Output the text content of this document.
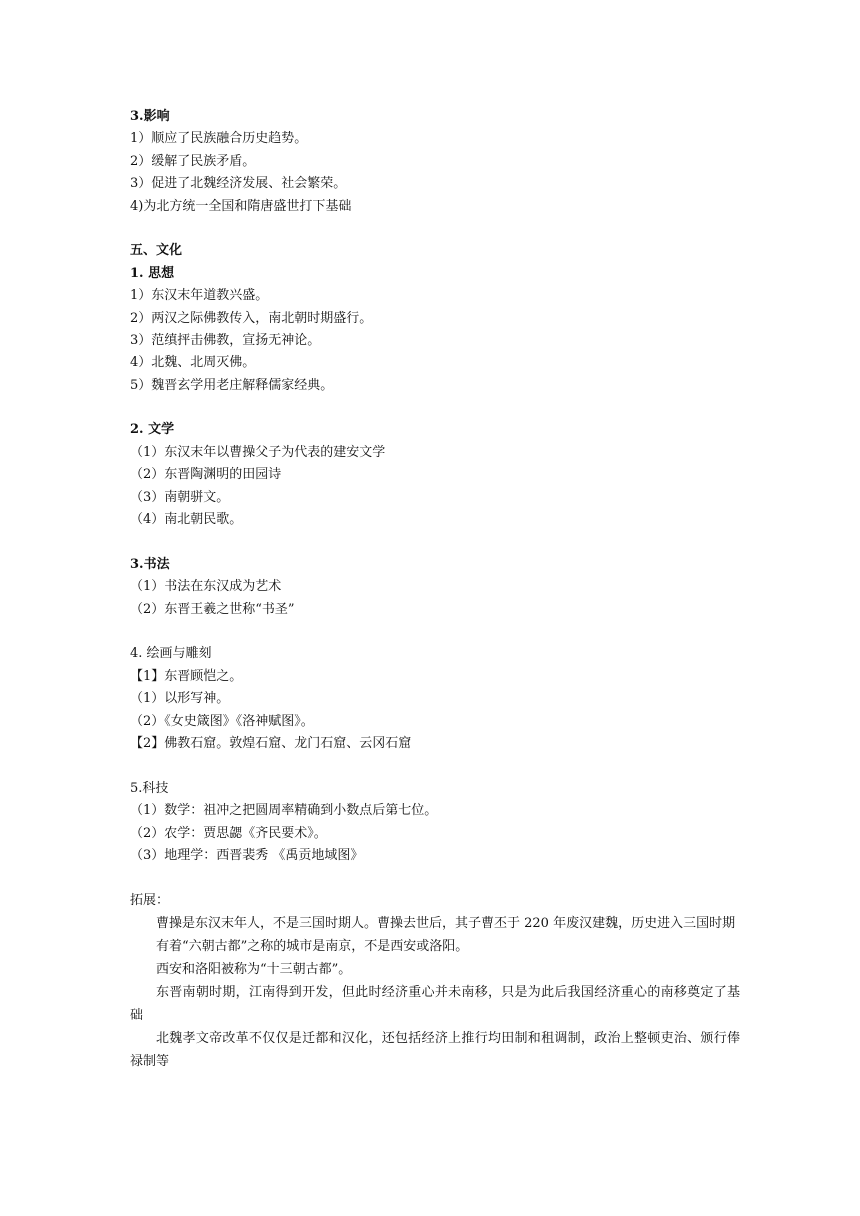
3.影响
1）顺应了民族融合历史趋势。
2）缓解了民族矛盾。
3）促进了北魏经济发展、社会繁荣。
4)为北方统一全国和隋唐盛世打下基础
五、文化
1. 思想
1）东汉末年道教兴盛。
2）两汉之际佛教传入，南北朝时期盛行。
3）范缜抨击佛教，宣扬无神论。
4）北魏、北周灭佛。
5）魏晋玄学用老庄解释儒家经典。
2. 文学
（1）东汉末年以曹操父子为代表的建安文学
（2）东晋陶渊明的田园诗
（3）南朝骈文。
（4）南北朝民歌。
3.书法
（1）书法在东汉成为艺术
（2）东晋王羲之世称“书圣”
4. 绘画与雕刻
【1】东晋顾恺之。
（1）以形写神。
（2）《女史箴图》《洛神赋图》。
【2】佛教石窟。敦煌石窟、龙门石窟、云冈石窟
5.科技
（1）数学：祖冲之把圆周率精确到小数点后第七位。
（2）农学：贾思勰《齐民要术》。
（3）地理学：西晋裴秀 《禹贡地域图》
拓展：
曹操是东汉末年人，不是三国时期人。曹操去世后，其子曹丕于 220 年废汉建魏，历史进入三国时期
有着“六朝古都”之称的城市是南京，不是西安或洛阳。
西安和洛阳被称为“十三朝古都”。
东晋南朝时期，江南得到开发，但此时经济重心并未南移，只是为此后我国经济重心的南移奠定了基础
北魏孝文帝改革不仅仅是迁都和汉化，还包括经济上推行均田制和租调制，政治上整顿吏治、颁行俸禄制等
